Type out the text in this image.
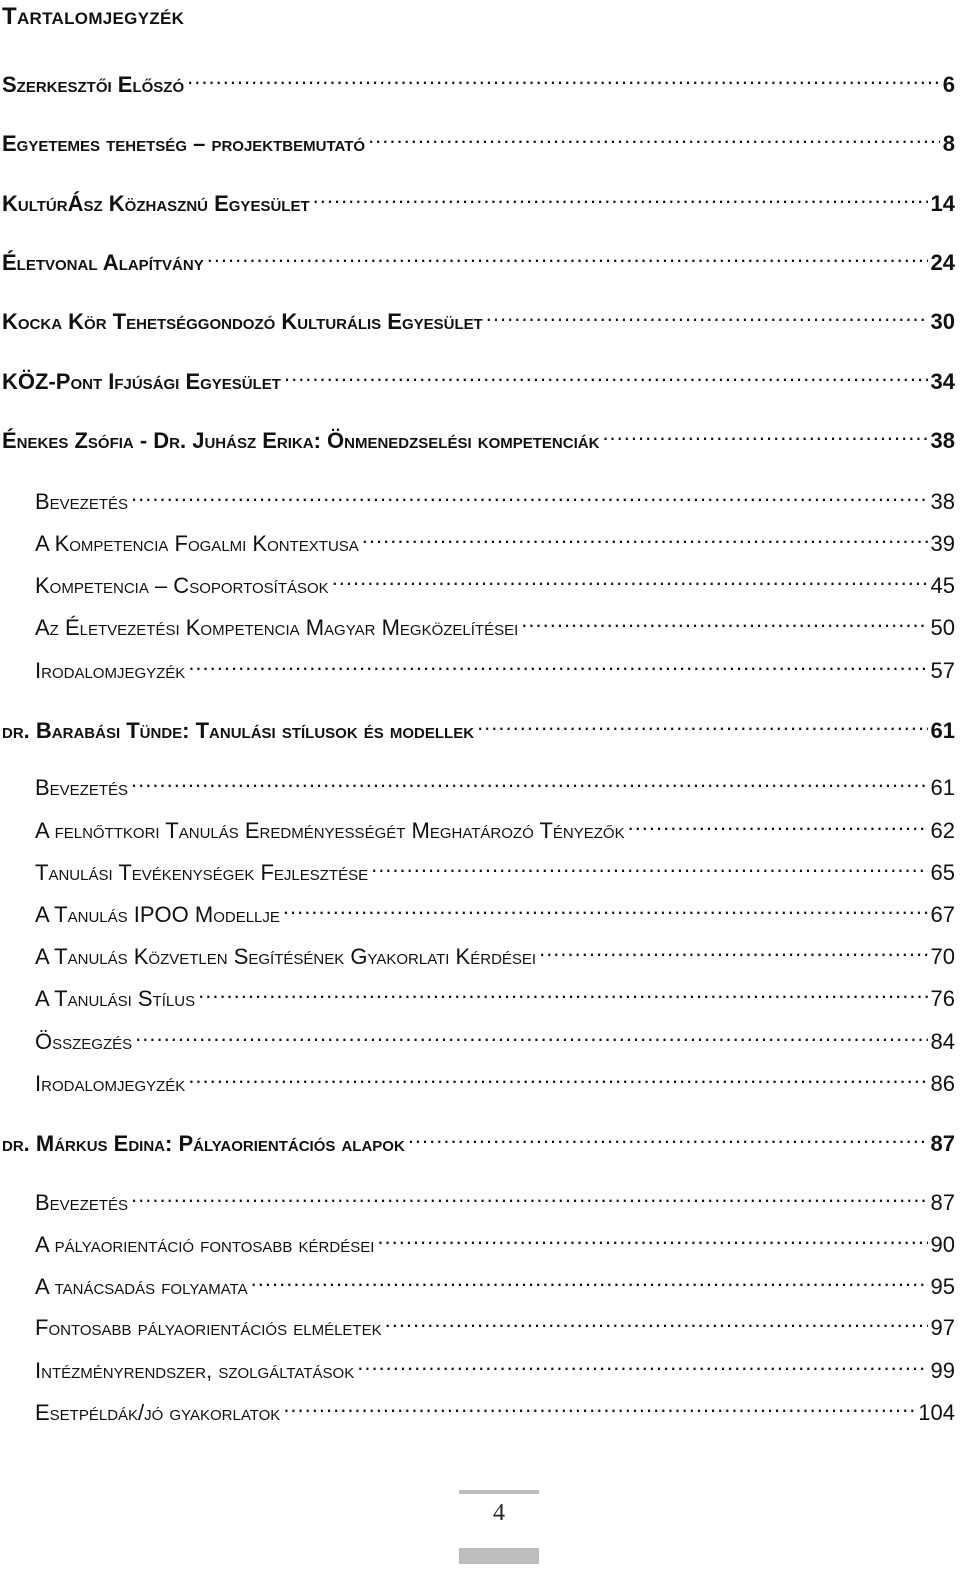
Tartalomjegyzék
Szerkesztői Előszó .....	6
Egyetemes tehetség – projektbemutató .....	8
KultúrÁsz Közhasznú Egyesület .....	14
Életvonal Alapítvány .....	24
Kocka Kör Tehetséggondozó Kulturális Egyesület .....	30
KÖZ-Pont Ifjúsági Egyesület .....	34
Énekes Zsófia - Dr. Juhász Erika: Önmenedzselési kompetenciák .....	38
Bevezetés .....	38
A Kompetencia Fogalmi Kontextusa .....	39
Kompetencia – Csoportosítások .....	45
Az Életvezetési Kompetencia Magyar Megközelítései .....	50
Irodalomjegyzék .....	57
dr. Barabási Tünde: Tanulási stílusok és modellek .....	61
Bevezetés .....	61
A felnőttkori Tanulás Eredményességét Meghatározó Tényezők .....	62
Tanulási Tevékenységek Fejlesztése .....	65
A Tanulás IPOO Modellje .....	67
A Tanulás Közvetlen Segítésének Gyakorlati Kérdései .....	70
A Tanulási Stílus .....	76
Összegzés .....	84
Irodalomjegyzék .....	86
dr. Márkus Edina: Pályaorientációs alapok .....	87
Bevezetés .....	87
A pályaorientáció fontosabb kérdései .....	90
A tanácsadás folyamata .....	95
Fontosabb pályaorientációs elméletek .....	97
Intézményrendszer, szolgáltatások .....	99
Esetpéldák/jó gyakorlatok .....	104
4
